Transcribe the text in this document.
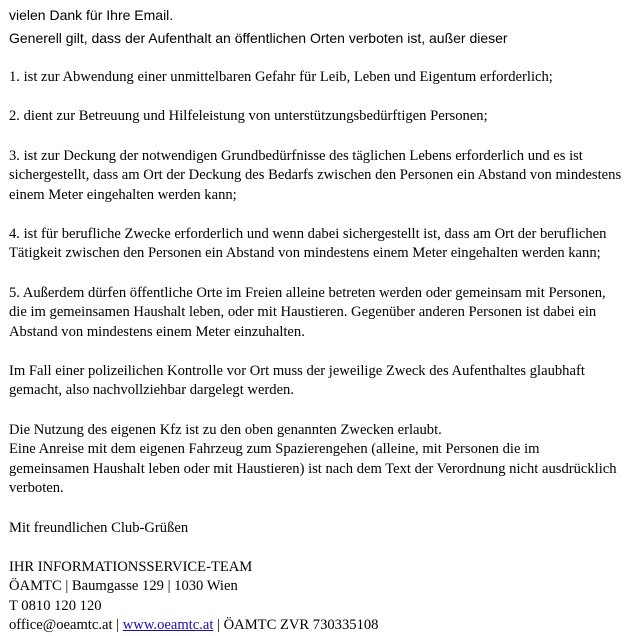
vielen Dank für Ihre Email.

Generell gilt, dass der Aufenthalt an öffentlichen Orten verboten ist, außer dieser

1. ist zur Abwendung einer unmittelbaren Gefahr für Leib, Leben und Eigentum erforderlich;

2. dient zur Betreuung und Hilfeleistung von unterstützungsbedürftigen Personen;

3. ist zur Deckung der notwendigen Grundbedürfnisse des täglichen Lebens erforderlich und es ist sichergestellt, dass am Ort der Deckung des Bedarfs zwischen den Personen ein Abstand von mindestens einem Meter eingehalten werden kann;

4. ist für berufliche Zwecke erforderlich und wenn dabei sichergestellt ist, dass am Ort der beruflichen Tätigkeit zwischen den Personen ein Abstand von mindestens einem Meter eingehalten werden kann;

5. Außerdem dürfen öffentliche Orte im Freien alleine betreten werden oder gemeinsam mit Personen, die im gemeinsamen Haushalt leben, oder mit Haustieren. Gegenüber anderen Personen ist dabei ein Abstand von mindestens einem Meter einzuhalten.

Im Fall einer polizeilichen Kontrolle vor Ort muss der jeweilige Zweck des Aufenthaltes glaubhaft gemacht, also nachvollziehbar dargelegt werden.

Die Nutzung des eigenen Kfz ist zu den oben genannten Zwecken erlaubt.

Eine Anreise mit dem eigenen Fahrzeug zum Spazierengehen (alleine, mit Personen die im gemeinsamen Haushalt leben oder mit Haustieren) ist nach dem Text der Verordnung nicht ausdrücklich verboten.

Mit freundlichen Club-Grüßen

IHR INFORMATIONSSERVICE-TEAM
ÖAMTC | Baumgasse 129 | 1030 Wien
T 0810 120 120
office@oeamtc.at | www.oeamtc.at | ÖAMTC ZVR 730335108
